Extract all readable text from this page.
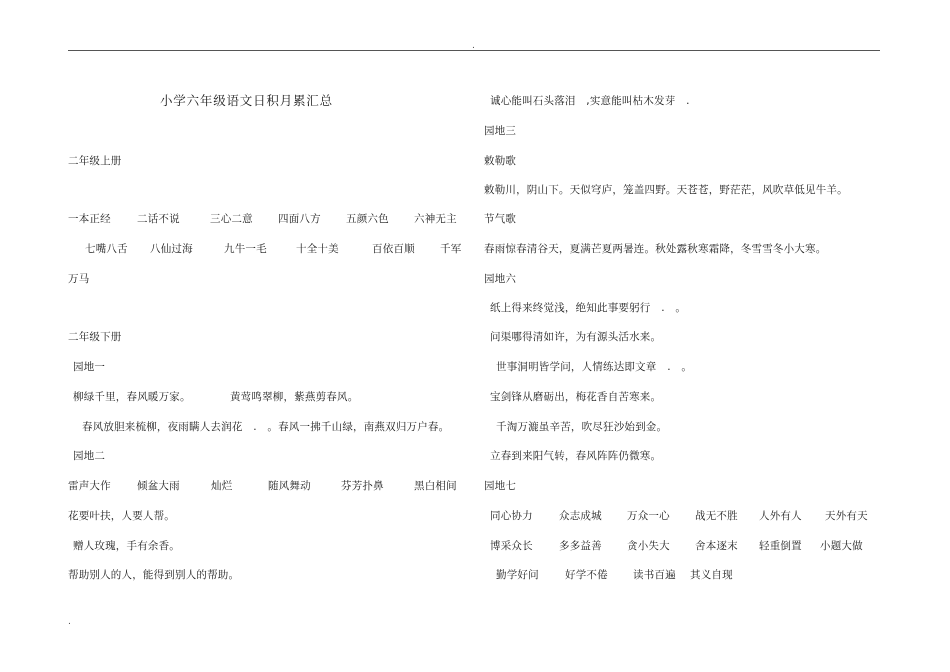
.
.
小学六年级语文日积月累汇总
二年级上册
一本正经 二话不说	三心二意 四面八方 五颜六色 六神无主
七嘴八舌 八仙过海	九牛一毛	十全十美	百依百顺 千军
万马
二年级下册
园地一
柳绿千里，春风暖万家。	黄莺鸣翠柳，紫燕剪春风。
春风放胆来梳柳，夜雨瞒人去润花　.　。春风一拂千山绿，南燕双归万户春。
园地二
雷声大作 倾盆大雨	灿烂	随风舞动	芬芳扑鼻	黑白相间
花要叶扶，人要人帮。
赠人玫瑰，手有余香。
帮助别人的人，能得到别人的帮助。
诚心能叫石头落泪　,实意能叫枯木发芽　.
园地三
敕勒歌
敕勒川，阴山下。天似穹庐，笼盖四野。天苍苍，野茫茫，风吹草低见牛羊。
节气歌
春雨惊春清谷天，夏满芒夏两暑连。秋处露秋寒霜降，冬雪雪冬小大寒。
园地六
纸上得来终觉浅，绝知此事要躬行　.　。
问渠哪得清如许，为有源头活水来。
世事洞明皆学问，人情练达即文章　.　。
宝剑锋从磨砺出，梅花香自苦寒来。
千淘万漉虽辛苦，吹尽狂沙始到金。
立春到来阳气转，春风阵阵仍微寒。
园地七
同心协力 众志成城 万众一心 战无不胜 人外有人 天外有天
博采众长 多多益善 贪小失大 舍本逐末 轻重倒置 小题大做
勤学好问 好学不倦 读书百遍 其义自现
